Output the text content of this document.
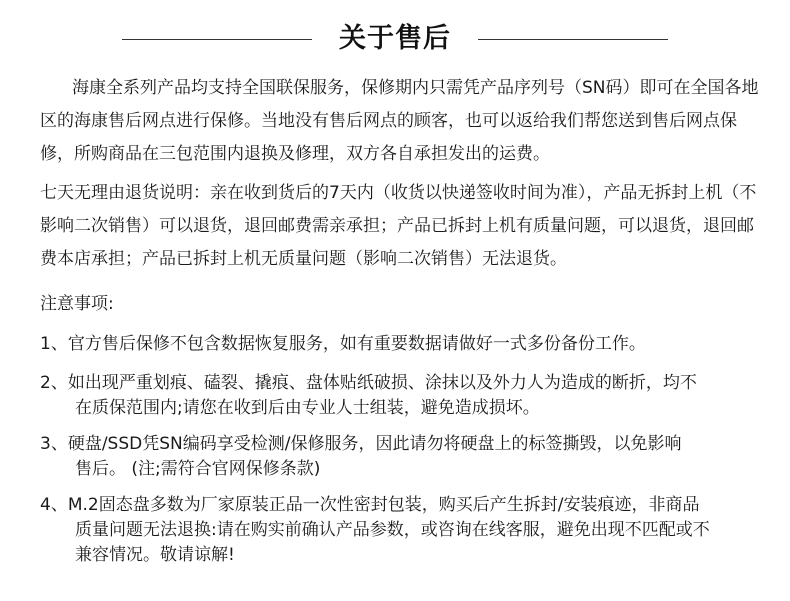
关于售后
海康全系列产品均支持全国联保服务，保修期内只需凭产品序列号（SN码）即可在全国各地区的海康售后网点进行保修。当地没有售后网点的顾客，也可以返给我们帮您送到售后网点保修，所购商品在三包范围内退换及修理，双方各自承担发出的运费。
七天无理由退货说明：亲在收到货后的7天内（收货以快递签收时间为准），产品无拆封上机（不影响二次销售）可以退货，退回邮费需亲承担；产品已拆封上机有质量问题，可以退货，退回邮费本店承担；产品已拆封上机无质量问题（影响二次销售）无法退货。
注意事项:
1、 官方售后保修不包含数据恢复服务，如有重要数据请做好一式多份备份工作。
2、 如出现严重划痕、磕裂、撬痕、盘体贴纸破损、涂抹以及外力人为造成的断折，均不
在质保范围内;请您在收到后由专业人士组装，避免造成损坏。
3、 硬盘/SSD凭SN编码享受检测/保修服务，因此请勿将硬盘上的标签撕毁，以免影响
售后。 (注;需符合官网保修条款)
4、 M.2固态盘多数为厂家原装正品一次性密封包装，购买后产生拆封/安装痕迹，非商品
质量问题无法退换:请在购实前确认产品参数，或咨询在线客服，避免出现不匹配或不
兼容情况。敬请谅解!
